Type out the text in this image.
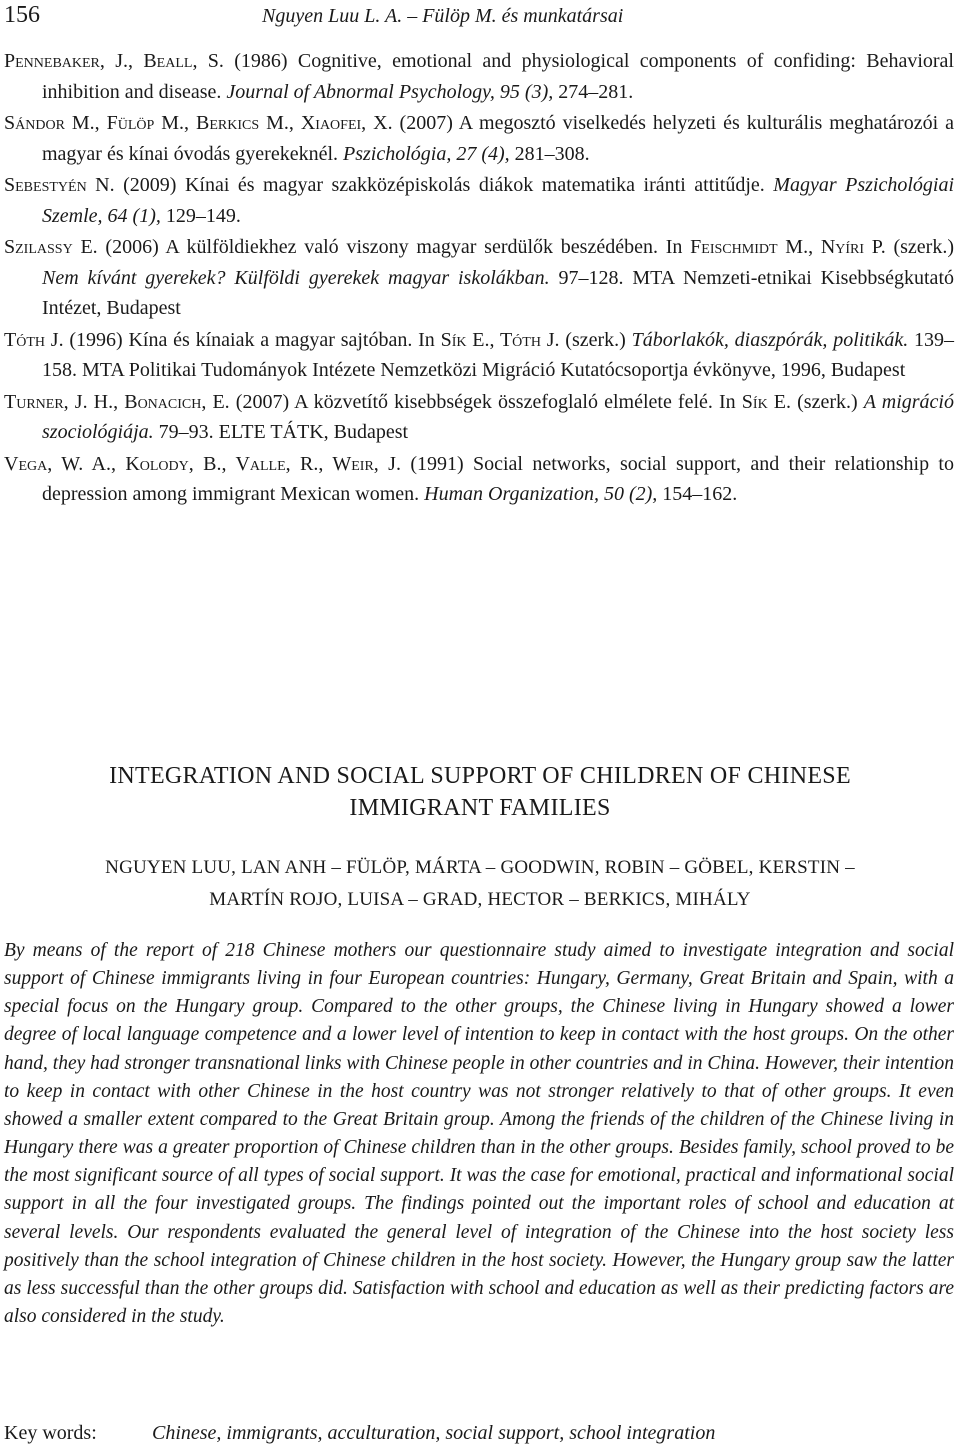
156	Nguyen Luu L. A. – Fülöp M. és munkatársai

Pennebaker, J., Beall, S. (1986) Cognitive, emotional and physiological components of confiding: Behavioral inhibition and disease. Journal of Abnormal Psychology, 95 (3), 274–281.

Sándor M., Fülöp M., Berkics M., Xiaofei, X. (2007) A megosztó viselkedés helyzeti és kulturális meghatározói a magyar és kínai óvodás gyerekeknél. Pszichológia, 27 (4), 281–308.

Sebestyén N. (2009) Kínai és magyar szakközépiskolás diákok matematika iránti attitűdje. Magyar Pszichológiai Szemle, 64 (1), 129–149.

Szilassy E. (2006) A külföldiekhez való viszony magyar serdülők beszédében. In Feischmidt M., Nyíri P. (szerk.) Nem kívánt gyerekek? Külföldi gyerekek magyar iskolákban. 97–128. MTA Nemzeti-etnikai Kisebbségkutató Intézet, Budapest

Tóth J. (1996) Kína és kínaiak a magyar sajtóban. In Sík E., Tóth J. (szerk.) Táborlakók, diaszpórák, politikák. 139–158. MTA Politikai Tudományok Intézete Nemzetközi Migráció Kutatócsoportja évkönyve, 1996, Budapest

Turner, J. H., Bonacich, E. (2007) A közvetítő kisebbségek összefoglaló elmélete felé. In Sík E. (szerk.) A migráció szociológiája. 79–93. ELTE TÁTK, Budapest

Vega, W. A., Kolody, B., Valle, R., Weir, J. (1991) Social networks, social support, and their relationship to depression among immigrant Mexican women. Human Organization, 50 (2), 154–162.

INTEGRATION AND SOCIAL SUPPORT OF CHILDREN OF CHINESE
IMMIGRANT FAMILIES
NGUYEN LUU, LAN ANH – FÜLÖP, MÁRTA – GOODWIN, ROBIN – GÖBEL, KERSTIN –
MARTÍN ROJO, LUISA – GRAD, HECTOR – BERKICS, MIHÁLY
By means of the report of 218 Chinese mothers our questionnaire study aimed to investigate integration and social support of Chinese immigrants living in four European countries: Hungary, Germany, Great Britain and Spain, with a special focus on the Hungary group. Compared to the other groups, the Chinese living in Hungary showed a lower degree of local language competence and a lower level of intention to keep in contact with the host groups. On the other hand, they had stronger transnational links with Chinese people in other countries and in China. However, their intention to keep in contact with other Chinese in the host country was not stronger relatively to that of other groups. It even showed a smaller extent compared to the Great Britain group. Among the friends of the children of the Chinese living in Hungary there was a greater proportion of Chinese children than in the other groups. Besides family, school proved to be the most significant source of all types of social support. It was the case for emotional, practical and informational social support in all the four investigated groups. The findings pointed out the important roles of school and education at several levels. Our respondents evaluated the general level of integration of the Chinese into the host society less positively than the school integration of Chinese children in the host society. However, the Hungary group saw the latter as less successful than the other groups did. Satisfaction with school and education as well as their predicting factors are also considered in the study.
Key words:	Chinese, immigrants, acculturation, social support, school integration
